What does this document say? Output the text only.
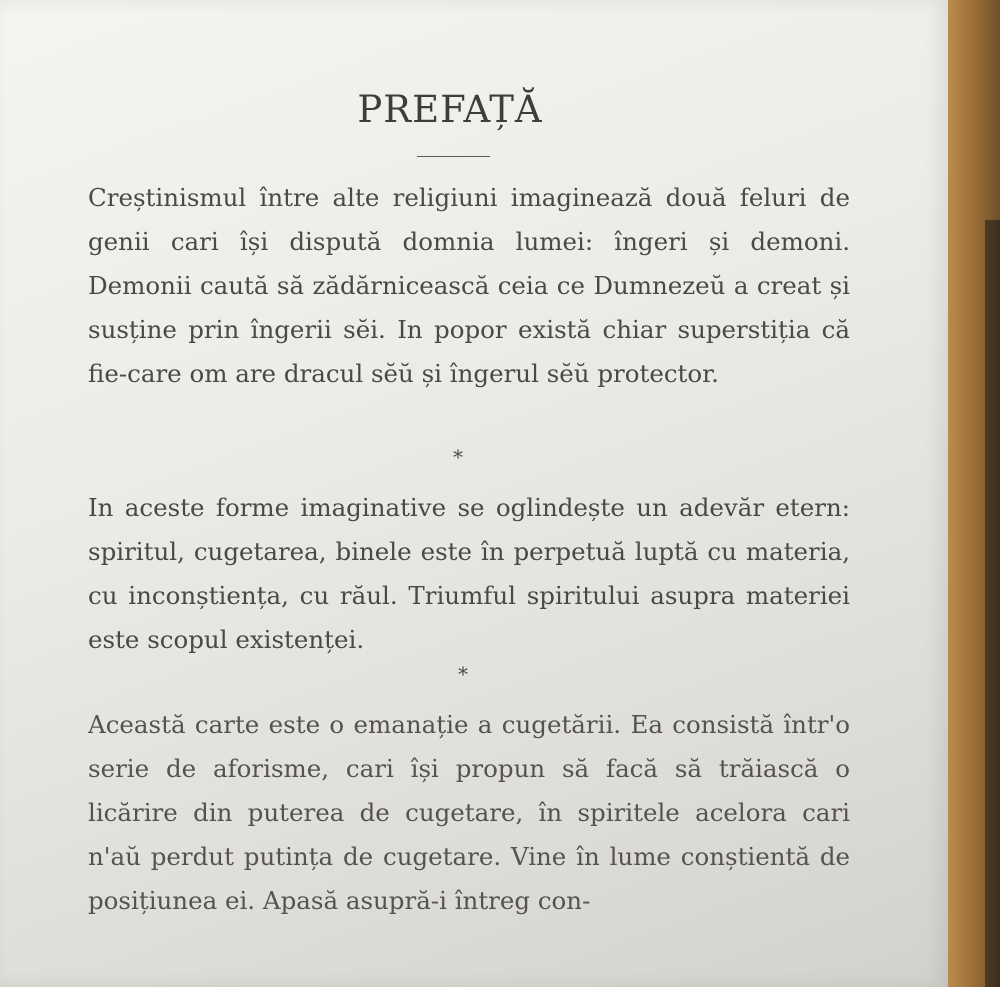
PREFAȚĂ

Creștinismul între alte religiuni imaginează două feluri de genii cari își dispută domnia lumei: îngeri și demoni. Demonii caută să zădărnicească ceia ce Dumnezeŭ a creat și susține prin îngerii sĕi. In popor există chiar superstiția că fie-care om are dracul sĕŭ și îngerul sĕŭ protector.

*

In aceste forme imaginative se oglindește un adevăr etern: spiritul, cugetarea, binele este în perpetuă luptă cu materia, cu inconștiența, cu răul. Triumful spiritului asupra materiei este scopul existenței.

*

Această carte este o emanație a cugetării. Ea consistă într'o serie de aforisme, cari își propun să facă să trăiască o licărire din puterea de cugetare, în spiritele acelora cari n'aŭ perdut putința de cugetare. Vine în lume conștientă de posițiunea ei. Apasă asupră-i întreg con-
